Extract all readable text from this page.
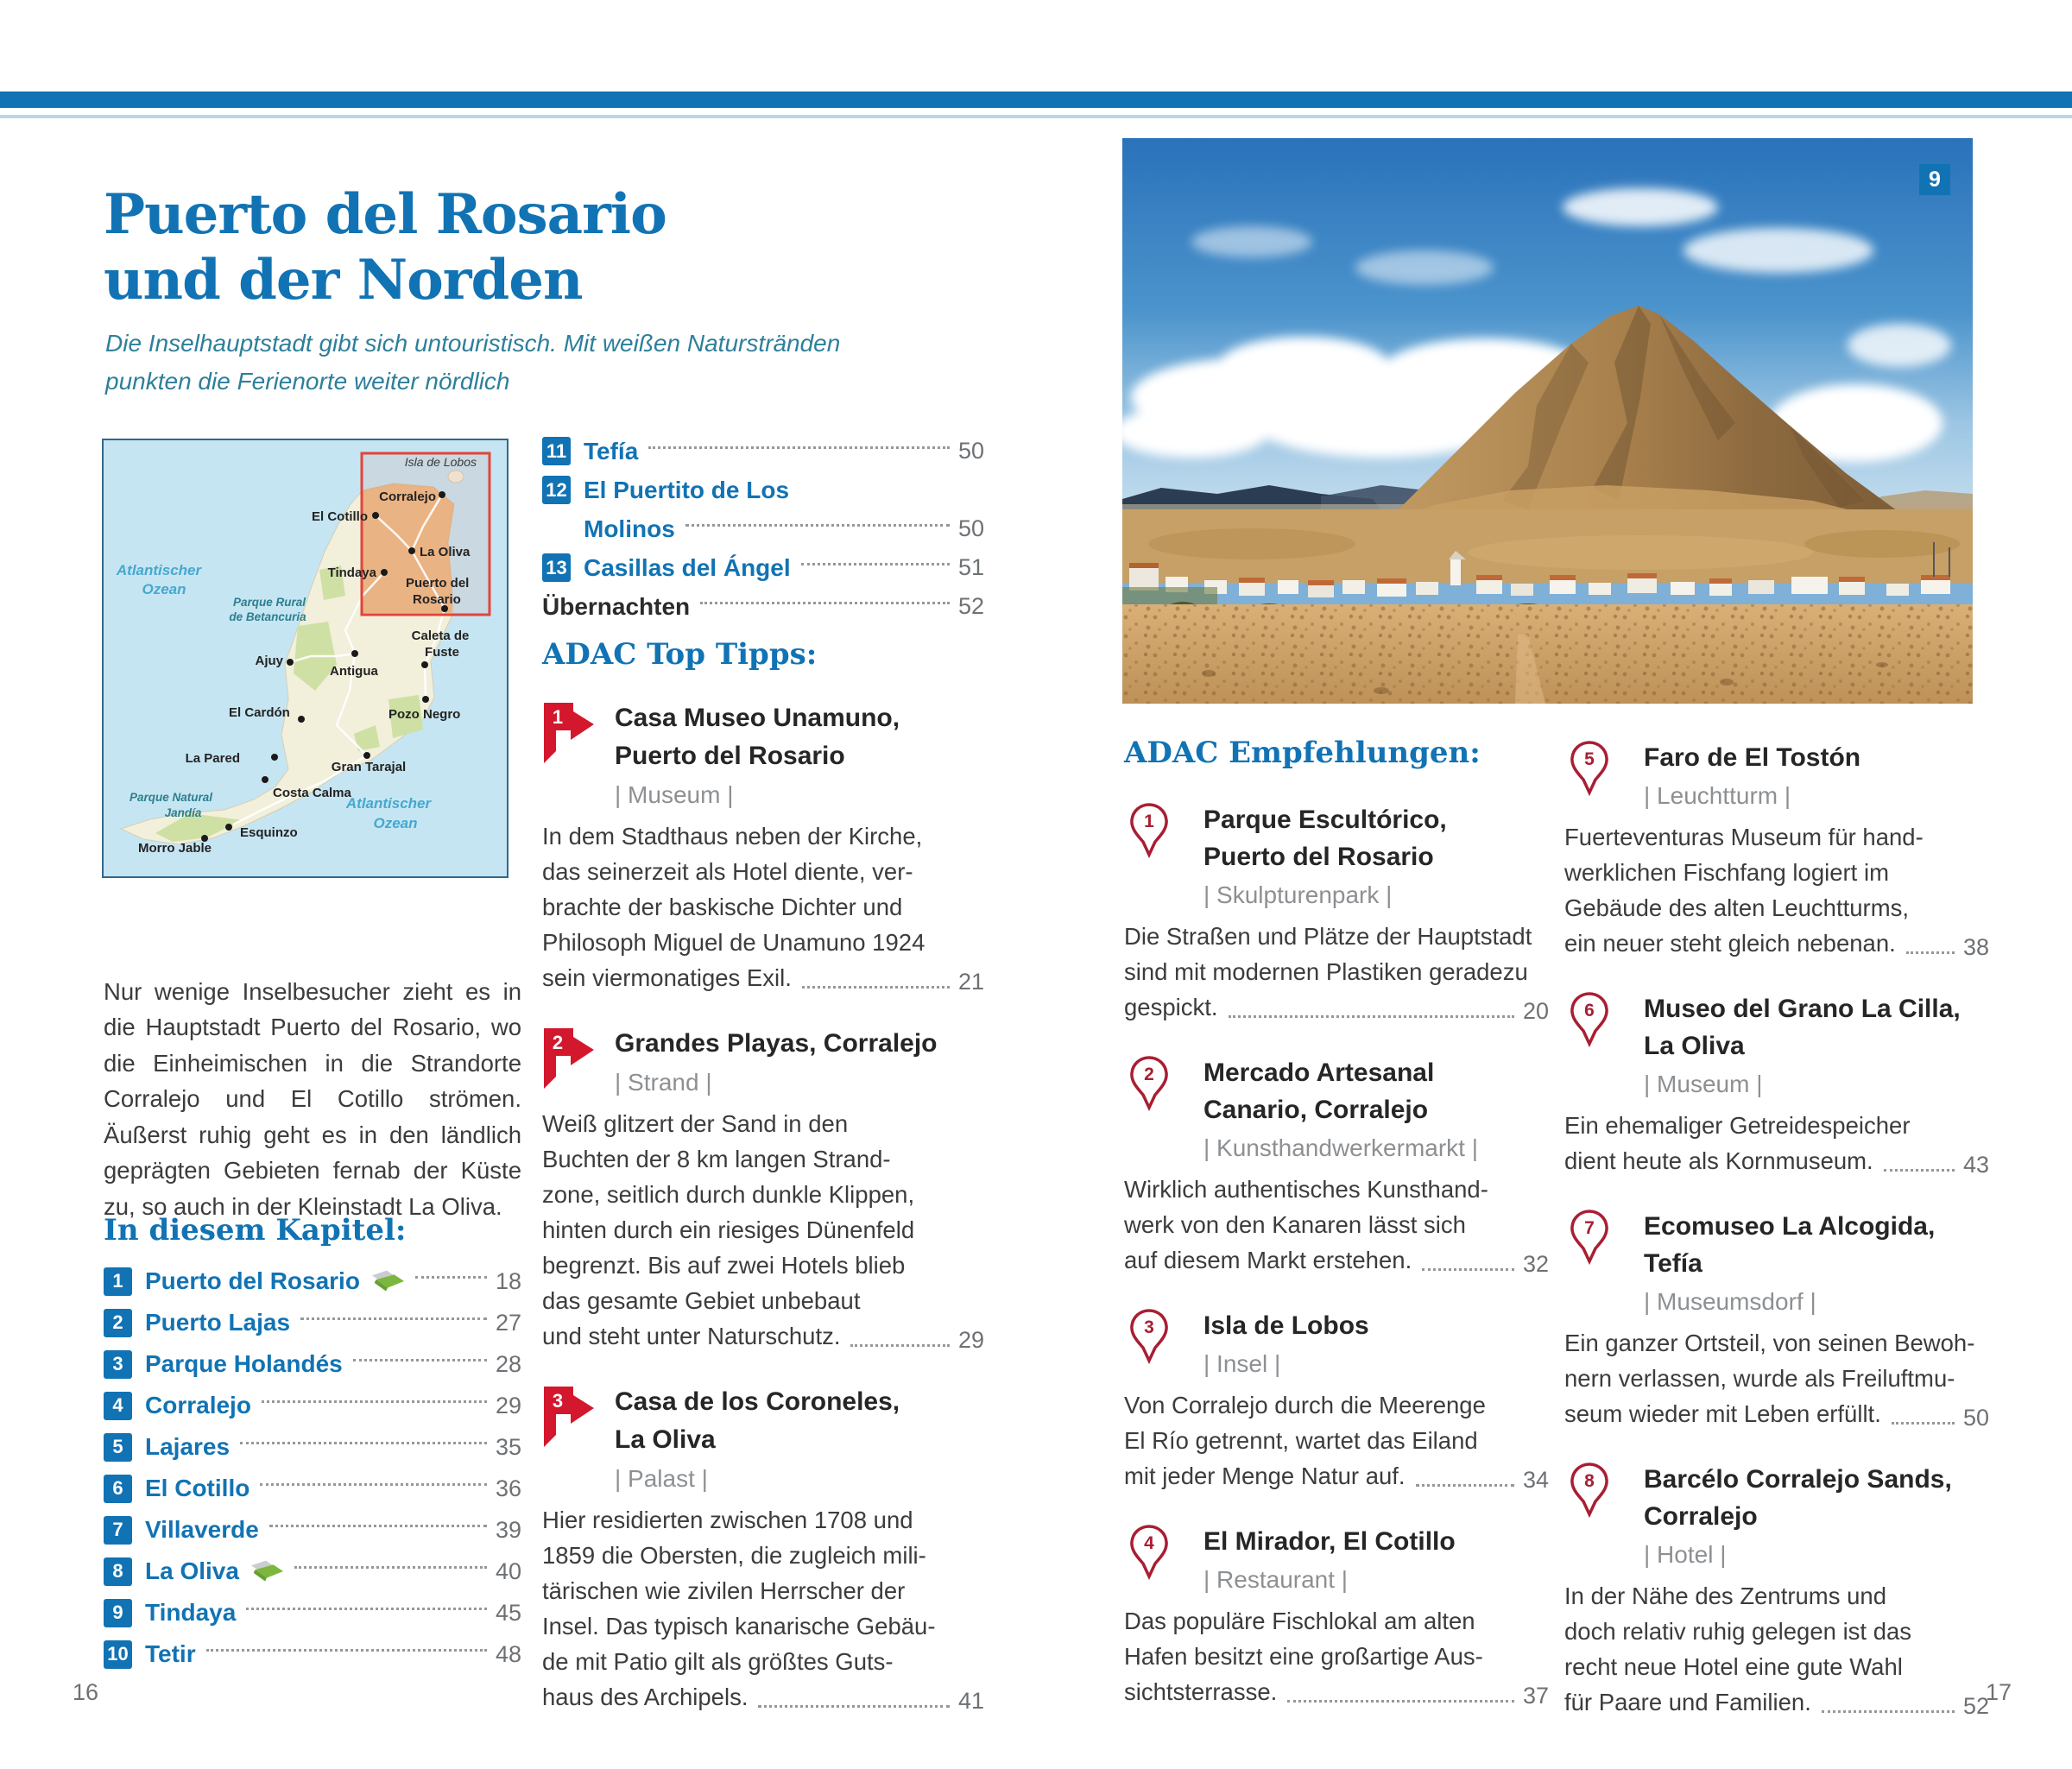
Puerto del Rosario
und der Norden
Die Inselhauptstadt gibt sich untouristisch. Mit weißen Naturstränden
punkten die Ferienorte weiter nördlich
Isla de Lobos
Corralejo
El Cotillo
La Oliva
Tindaya
Puerto del
Rosario
Parque Rural
de Betancuria
Atlantischer
Ozean
Caleta de
Fuste
Ajuy
Antigua
El Cardón	Pozo Negro
La Pared
Gran Tarajal
Costa Calma
Parque Natural
Jandía
Atlantischer
Ozean
Esquinzo
Morro Jable

Nur wenige Inselbesucher zieht es in die Hauptstadt Puerto del Rosario, wo die Einheimischen in die Strandorte Corralejo und El Cotillo strömen. Äußerst ruhig geht es in den ländlich geprägten Gebieten fernab der Küste zu, so auch in der Kleinstadt La Oliva.

In diesem Kapitel:
1 Puerto del Rosario	18
2 Puerto Lajas	27
3 Parque Holandés	28
4 Corralejo	29
5 Lajares	35
6 El Cotillo	36
7 Villaverde	39
8 La Oliva	40
9 Tindaya	45
10 Tetir	48
11 Tefía	50
12 El Puertito de Los
Molinos	50
13 Casillas del Ángel	51
Übernachten	52
ADAC Top Tipps:
1 Casa Museo Unamuno,
Puerto del Rosario
| Museum |
In dem Stadthaus neben der Kirche,
das seinerzeit als Hotel diente, ver-
brachte der baskische Dichter und
Philosoph Miguel de Unamuno 1924
sein viermonatiges Exil.	21
2 Grandes Playas, Corralejo
| Strand |
Weiß glitzert der Sand in den
Buchten der 8 km langen Strand-
zone, seitlich durch dunkle Klippen,
hinten durch ein riesiges Dünenfeld
begrenzt. Bis auf zwei Hotels blieb
das gesamte Gebiet unbebaut
und steht unter Naturschutz.	29
3 Casa de los Coroneles,
La Oliva
| Palast |
Hier residierten zwischen 1708 und
1859 die Obersten, die zugleich mili-
tärischen wie zivilen Herrscher der
Insel. Das typisch kanarische Gebäu-
de mit Patio gilt als größtes Guts-
haus des Archipels.	41
9
ADAC Empfehlungen:
1	Parque Escultórico,
Puerto del Rosario
| Skulpturenpark |
Die Straßen und Plätze der Hauptstadt
sind mit modernen Plastiken geradezu
gespickt.	20
2	Mercado Artesanal
Canario, Corralejo
| Kunsthandwerkermarkt |
Wirklich authentisches Kunsthand-
werk von den Kanaren lässt sich
auf diesem Markt erstehen.	32
3	Isla de Lobos
| Insel |
Von Corralejo durch die Meerenge
El Río getrennt, wartet das Eiland
mit jeder Menge Natur auf.	34
4	El Mirador, El Cotillo
| Restaurant |
Das populäre Fischlokal am alten
Hafen besitzt eine großartige Aus-
sichtsterrasse.	37
5	Faro de El Tostón
| Leuchtturm |
Fuerteventuras Museum für hand-
werklichen Fischfang logiert im
Gebäude des alten Leuchtturms,
ein neuer steht gleich nebenan.	38
6	Museo del Grano La Cilla,
La Oliva
| Museum |
Ein ehemaliger Getreidespeicher
dient heute als Kornmuseum.	43
7	Ecomuseo La Alcogida,
Tefía
| Museumsdorf |
Ein ganzer Ortsteil, von seinen Bewoh-
nern verlassen, wurde als Freiluftmu-
seum wieder mit Leben erfüllt.	50
8	Barcélo Corralejo Sands,
Corralejo
| Hotel |
In der Nähe des Zentrums und
doch relativ ruhig gelegen ist das
recht neue Hotel eine gute Wahl
für Paare und Familien.	52
16	17
